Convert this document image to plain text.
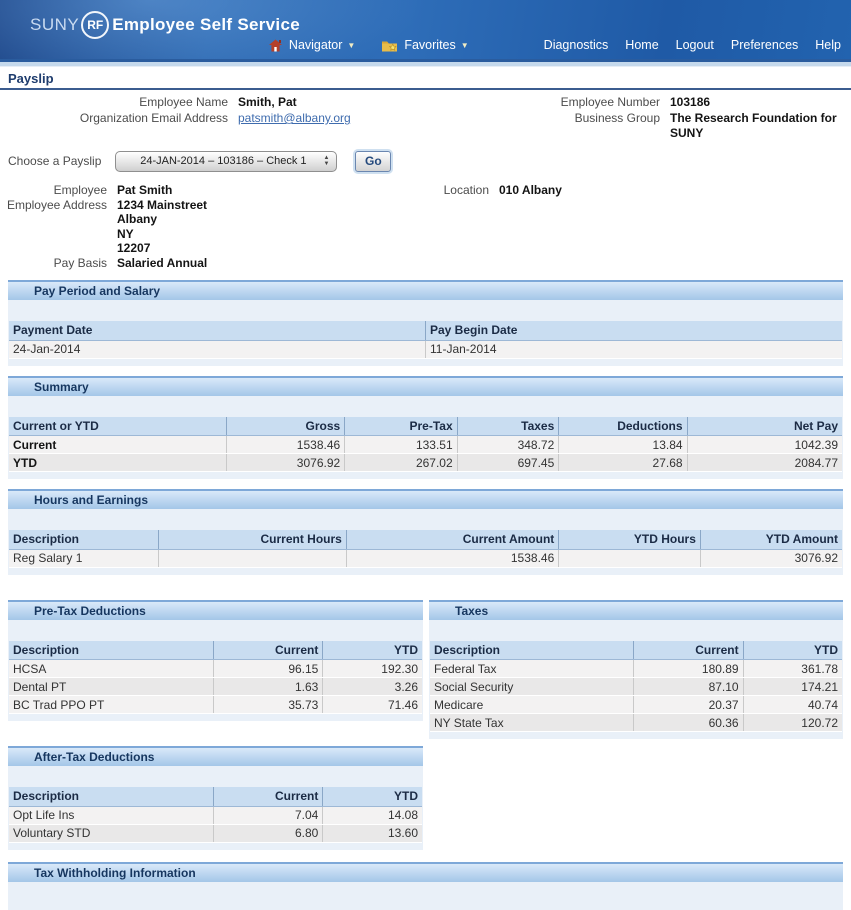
SUNY RF Employee Self Service
Navigator ▼	Favorites ▼	Diagnostics Home Logout Preferences Help
Payslip
Employee Name Smith, Pat	Employee Number 103186
Organization Email Address patsmith@albany.org	Business Group The Research Foundation for SUNY
Choose a Payslip
24-JAN-2014 – 103186 – Check 1	▲
▼	Go
Employee Pat Smith	Location 010 Albany
Employee Address 1234 Mainstreet
Albany
NY
12207
Pay Basis Salaried Annual
Pay Period and Salary
Payment Date	Pay Begin Date
24-Jan-2014	11-Jan-2014
Summary
Current or YTD	Gross	Pre-Tax	Taxes	Deductions	Net Pay
Current	1538.46	133.51	348.72	13.84	1042.39
YTD	3076.92	267.02	697.45	27.68	2084.77
Hours and Earnings
Description	Current Hours	Current Amount	YTD Hours	YTD Amount
Reg Salary 1		1538.46		3076.92
Pre-Tax Deductions
Description	Current	YTD
HCSA	96.15	192.30
Dental PT	1.63	3.26
BC Trad PPO PT	35.73	71.46
After-Tax Deductions
Description	Current	YTD
Opt Life Ins	7.04	14.08
Voluntary STD	6.80	13.60
Taxes
Description	Current	YTD
Federal Tax	180.89	361.78
Social Security	87.10	174.21
Medicare	20.37	40.74
NY State Tax	60.36	120.72
Tax Withholding Information
